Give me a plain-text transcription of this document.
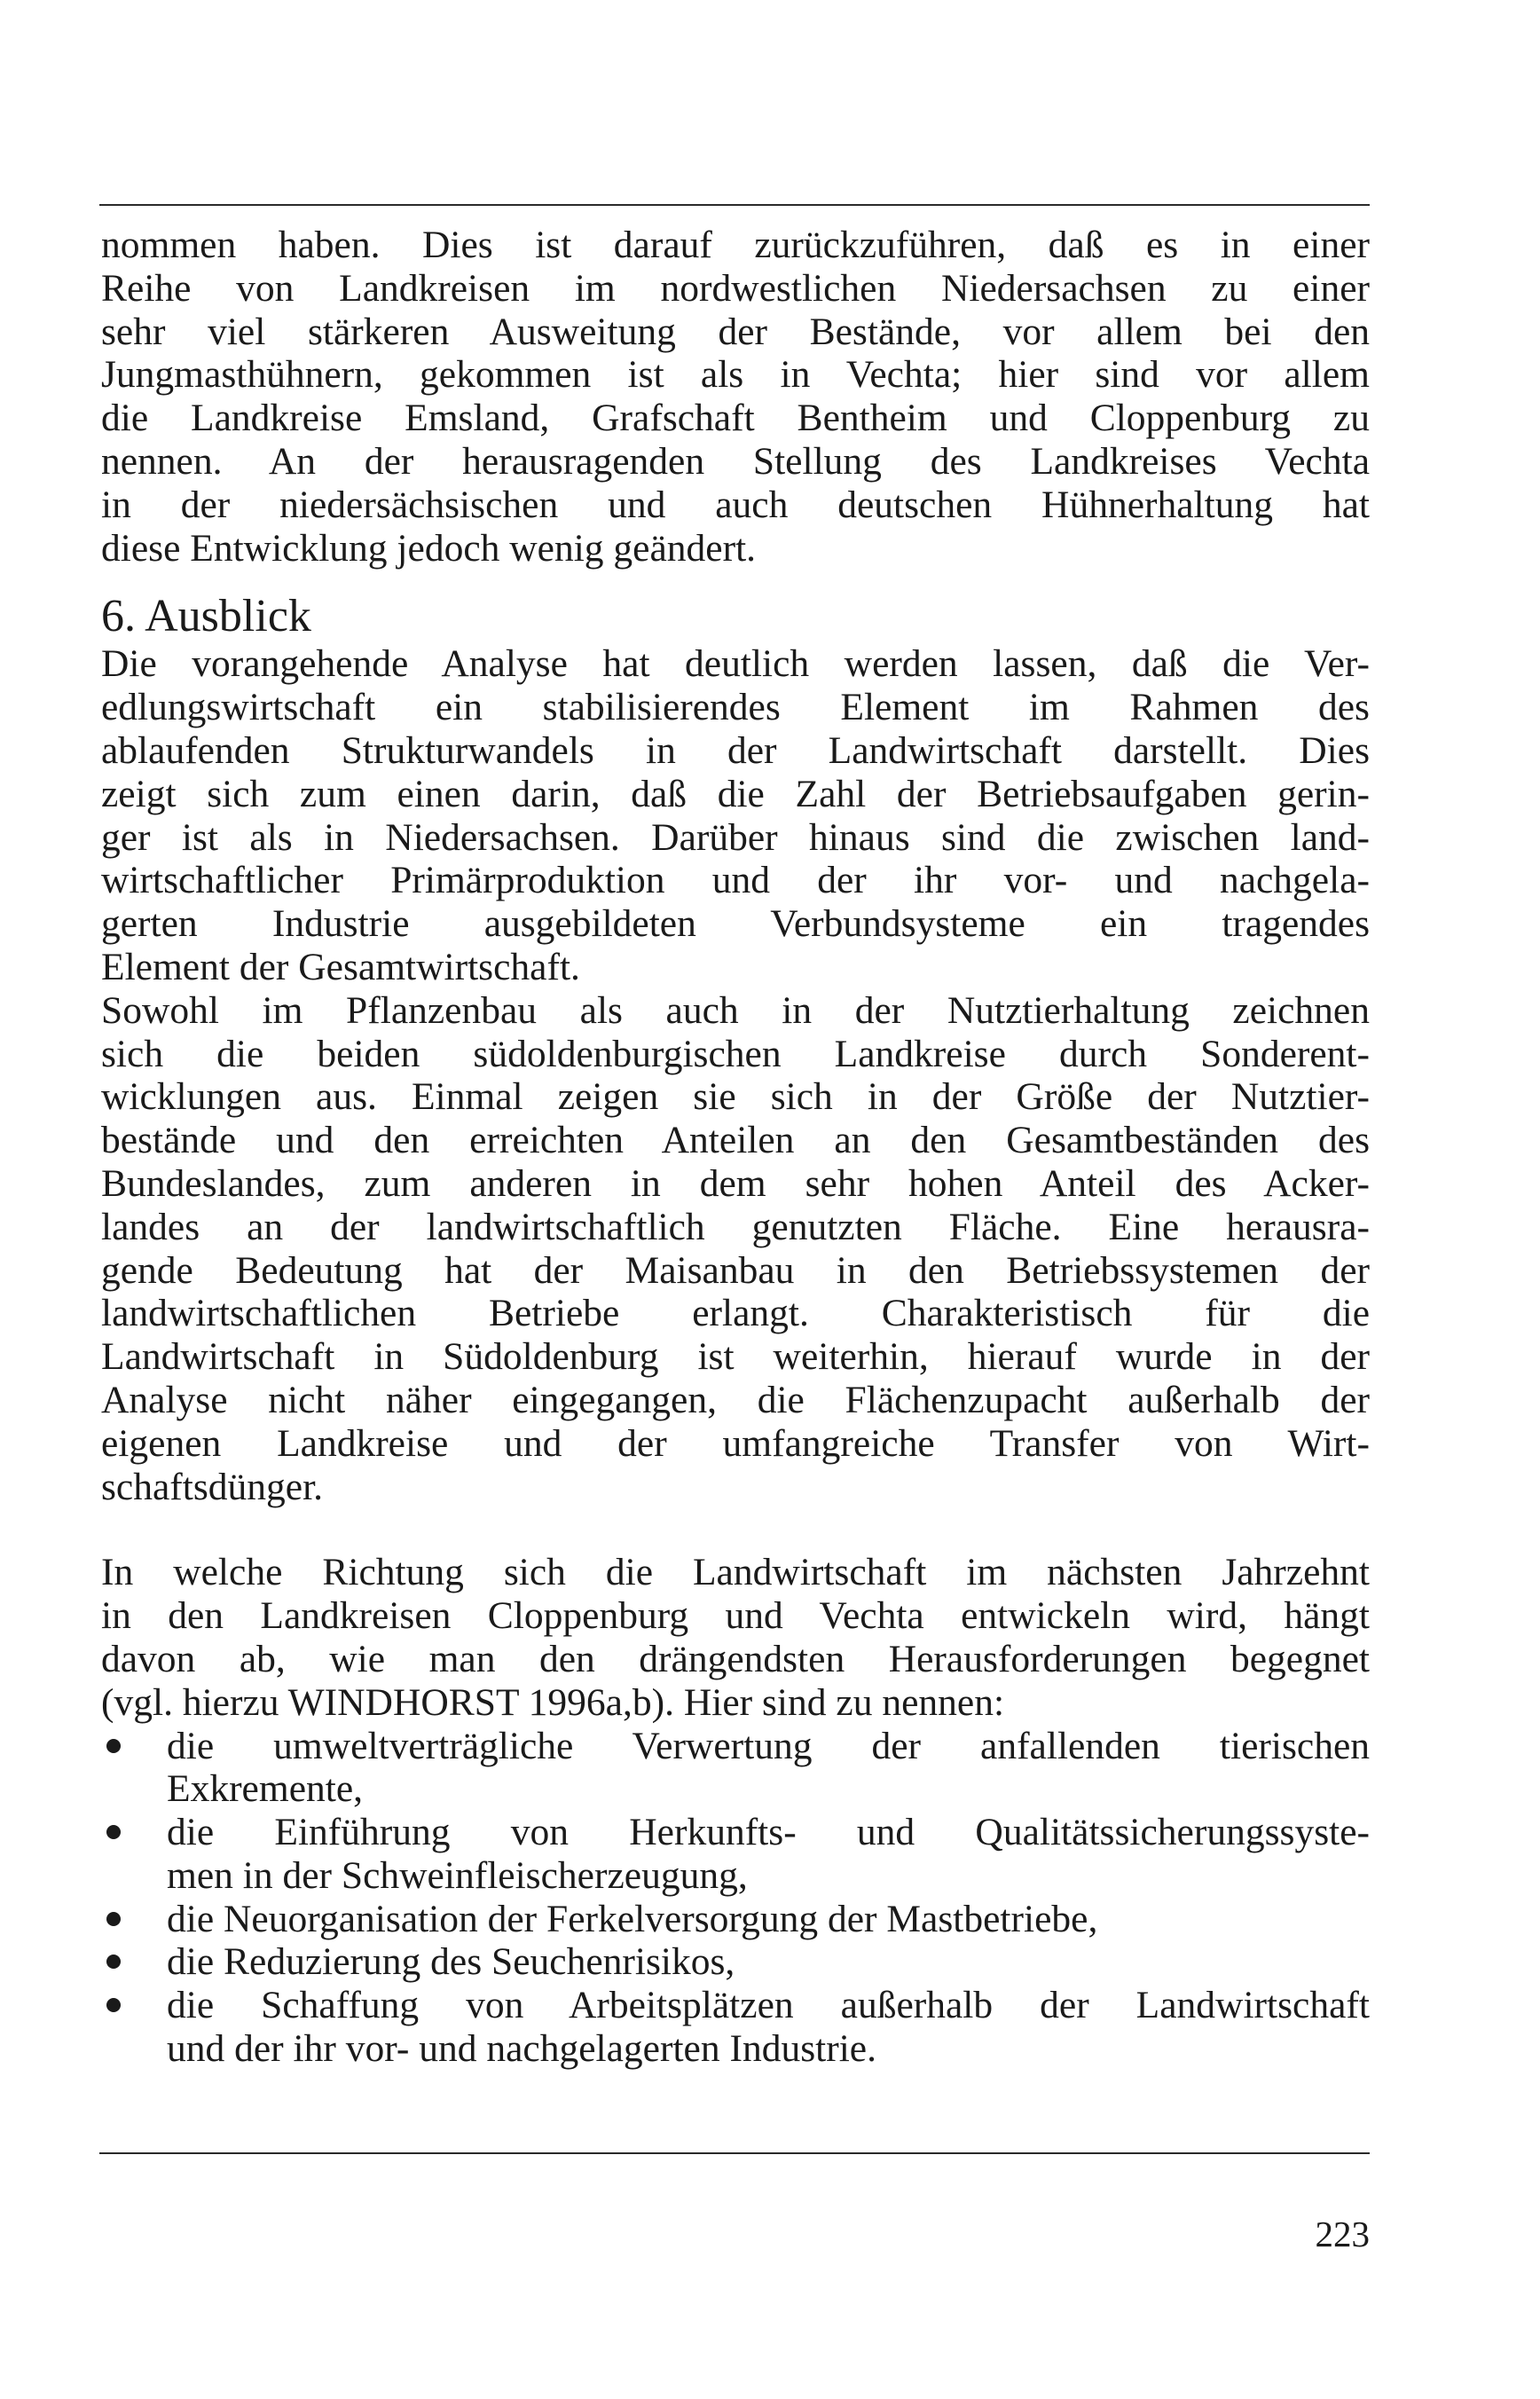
nommen haben. Dies ist darauf zurückzuführen, daß es in einer
Reihe von Landkreisen im nordwestlichen Niedersachsen zu einer
sehr viel stärkeren Ausweitung der Bestände, vor allem bei den
Jungmasthühnern, gekommen ist als in Vechta; hier sind vor allem
die Landkreise Emsland, Grafschaft Bentheim und Cloppenburg zu
nennen. An der herausragenden Stellung des Landkreises Vechta
in der niedersächsischen und auch deutschen Hühnerhaltung hat
diese Entwicklung jedoch wenig geändert.

6. Ausblick

Die vorangehende Analyse hat deutlich werden lassen, daß die Ver-
edlungswirtschaft ein stabilisierendes Element im Rahmen des
ablaufenden Strukturwandels in der Landwirtschaft darstellt. Dies
zeigt sich zum einen darin, daß die Zahl der Betriebsaufgaben gerin-
ger ist als in Niedersachsen. Darüber hinaus sind die zwischen land-
wirtschaftlicher Primärproduktion und der ihr vor- und nachgela-
gerten Industrie ausgebildeten Verbundsysteme ein tragendes
Element der Gesamtwirtschaft.

Sowohl im Pflanzenbau als auch in der Nutztierhaltung zeichnen
sich die beiden südoldenburgischen Landkreise durch Sonderent-
wicklungen aus. Einmal zeigen sie sich in der Größe der Nutztier-
bestände und den erreichten Anteilen an den Gesamtbeständen des
Bundeslandes, zum anderen in dem sehr hohen Anteil des Acker-
landes an der landwirtschaftlich genutzten Fläche. Eine herausra-
gende Bedeutung hat der Maisanbau in den Betriebssystemen der
landwirtschaftlichen Betriebe erlangt. Charakteristisch für die
Landwirtschaft in Südoldenburg ist weiterhin, hierauf wurde in der
Analyse nicht näher eingegangen, die Flächenzupacht außerhalb der
eigenen Landkreise und der umfangreiche Transfer von Wirt-
schaftsdünger.

In welche Richtung sich die Landwirtschaft im nächsten Jahrzehnt
in den Landkreisen Cloppenburg und Vechta entwickeln wird, hängt
davon ab, wie man den drängendsten Herausforderungen begegnet
(vgl. hierzu WINDHORST 1996a,b). Hier sind zu nennen:

die umweltverträgliche Verwertung der anfallenden tierischen
Exkremente,
die Einführung von Herkunfts- und Qualitätssicherungssyste-
men in der Schweinfleischerzeugung,
die Neuorganisation der Ferkelversorgung der Mastbetriebe,
die Reduzierung des Seuchenrisikos,
die Schaffung von Arbeitsplätzen außerhalb der Landwirtschaft
und der ihr vor- und nachgelagerten Industrie.
223
